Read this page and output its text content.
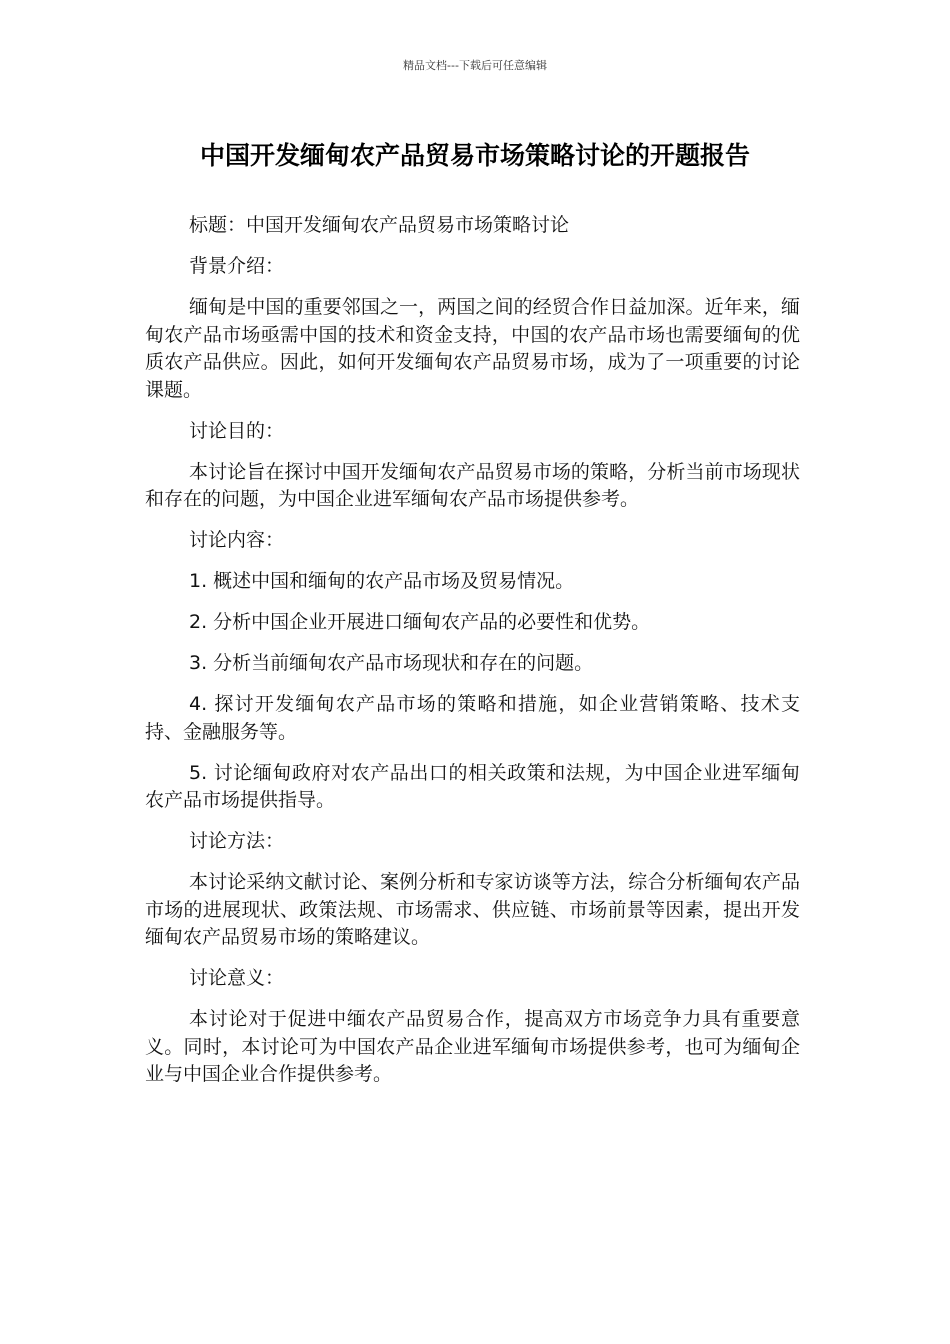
精品文档---下载后可任意编辑
中国开发缅甸农产品贸易市场策略讨论的开题报告

标题：中国开发缅甸农产品贸易市场策略讨论

背景介绍：

缅甸是中国的重要邻国之一，两国之间的经贸合作日益加深。近年来，缅甸农产品市场亟需中国的技术和资金支持，中国的农产品市场也需要缅甸的优质农产品供应。因此，如何开发缅甸农产品贸易市场，成为了一项重要的讨论课题。

讨论目的：

本讨论旨在探讨中国开发缅甸农产品贸易市场的策略，分析当前市场现状和存在的问题，为中国企业进军缅甸农产品市场提供参考。

讨论内容：

1. 概述中国和缅甸的农产品市场及贸易情况。

2. 分析中国企业开展进口缅甸农产品的必要性和优势。

3. 分析当前缅甸农产品市场现状和存在的问题。

4. 探讨开发缅甸农产品市场的策略和措施，如企业营销策略、技术支持、金融服务等。

5. 讨论缅甸政府对农产品出口的相关政策和法规，为中国企业进军缅甸农产品市场提供指导。

讨论方法：

本讨论采纳文献讨论、案例分析和专家访谈等方法，综合分析缅甸农产品市场的进展现状、政策法规、市场需求、供应链、市场前景等因素，提出开发缅甸农产品贸易市场的策略建议。

讨论意义：

本讨论对于促进中缅农产品贸易合作，提高双方市场竞争力具有重要意义。同时，本讨论可为中国农产品企业进军缅甸市场提供参考，也可为缅甸企业与中国企业合作提供参考。
